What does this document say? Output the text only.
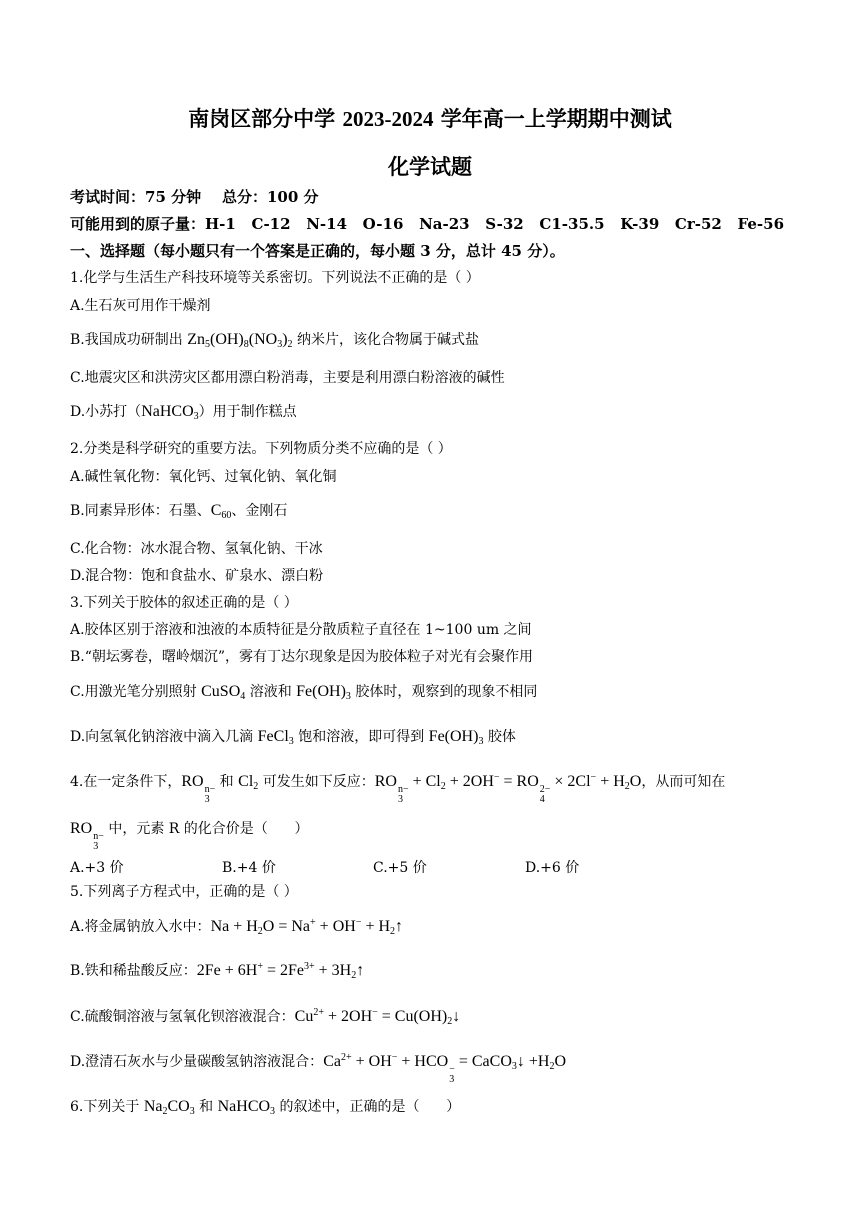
南岗区部分中学 2023-2024 学年高一上学期期中测试
化学试题
考试时间：75 分钟    总分：100 分
可能用到的原子量：H-1   C-12   N-14   O-16   Na-23   S-32   C1-35.5   K-39   Cr-52   Fe-56
一、选择题（每小题只有一个答案是正确的，每小题 3 分，总计 45 分）。
1.化学与生活生产科技环境等关系密切。下列说法不正确的是（ ）
A.生石灰可用作干燥剂
B.我国成功研制出 $Zn_5(OH)_8(NO_3)_2$ 纳米片，该化合物属于碱式盐
C.地震灾区和洪涝灾区都用漂白粉消毒，主要是利用漂白粉溶液的碱性
D.小苏打（NaHCO$_3$）用于制作糕点
2.分类是科学研究的重要方法。下列物质分类不应确的是（ ）
A.碱性氧化物：氧化钙、过氧化钠、氧化铜
B.同素异形体：石墨、$C_{60}$、金刚石
C.化合物：冰水混合物、氢氧化钠、干冰
D.混合物：饱和食盐水、矿泉水、漂白粉
3.下列关于胶体的叙述正确的是（ ）
A.胶体区别于溶液和浊液的本质特征是分散质粒子直径在 1~100 um 之间
B.“朝坛雾卷，曙岭烟沉”，雾有丁达尔现象是因为胶体粒子对光有会聚作用
C.用激光笔分别照射 CuSO$_4$ 溶液和 $Fe(OH)_3$ 胶体时，观察到的现象不相同
D.向氢氧化钠溶液中滴入几滴 FeCl$_3$ 饱和溶液，即可得到 $Fe(OH)_3$ 胶体
4.在一定条件下，RO n−
3
和 $Cl_2$ 可发生如下反应：RO n−
3
+ $Cl_2 + 2OH^-$ = RO 2−
4
× $2Cl^- + H_2O$，从而可知在
RO n−
3
中，元素 R 的化合价是（      ）
A.+3 价	B.+4 价	C.+5 价	D.+6 价
5.下列离子方程式中，正确的是（ ）
A.将金属钠放入水中：$Na + H_2O = Na^+ + OH^-$ + $H_2↑$
B.铁和稀盐酸反应：$2Fe + 6H^+ = 2Fe^{3+}$ + $3H_2↑$
C.硫酸铜溶液与氢氧化钡溶液混合：$Cu^{2+} + 2OH^-$ = $Cu(OH)_2↓$
D.澄清石灰水与少量碳酸氢钠溶液混合：$Ca^{2+} + OH^-$ + HCO −
3
= CaCO$_3$↓ $+H_2O$
6.下列关于 $Na_2CO_3$ 和 NaHCO$_3$ 的叙述中，正确的是（      ）
